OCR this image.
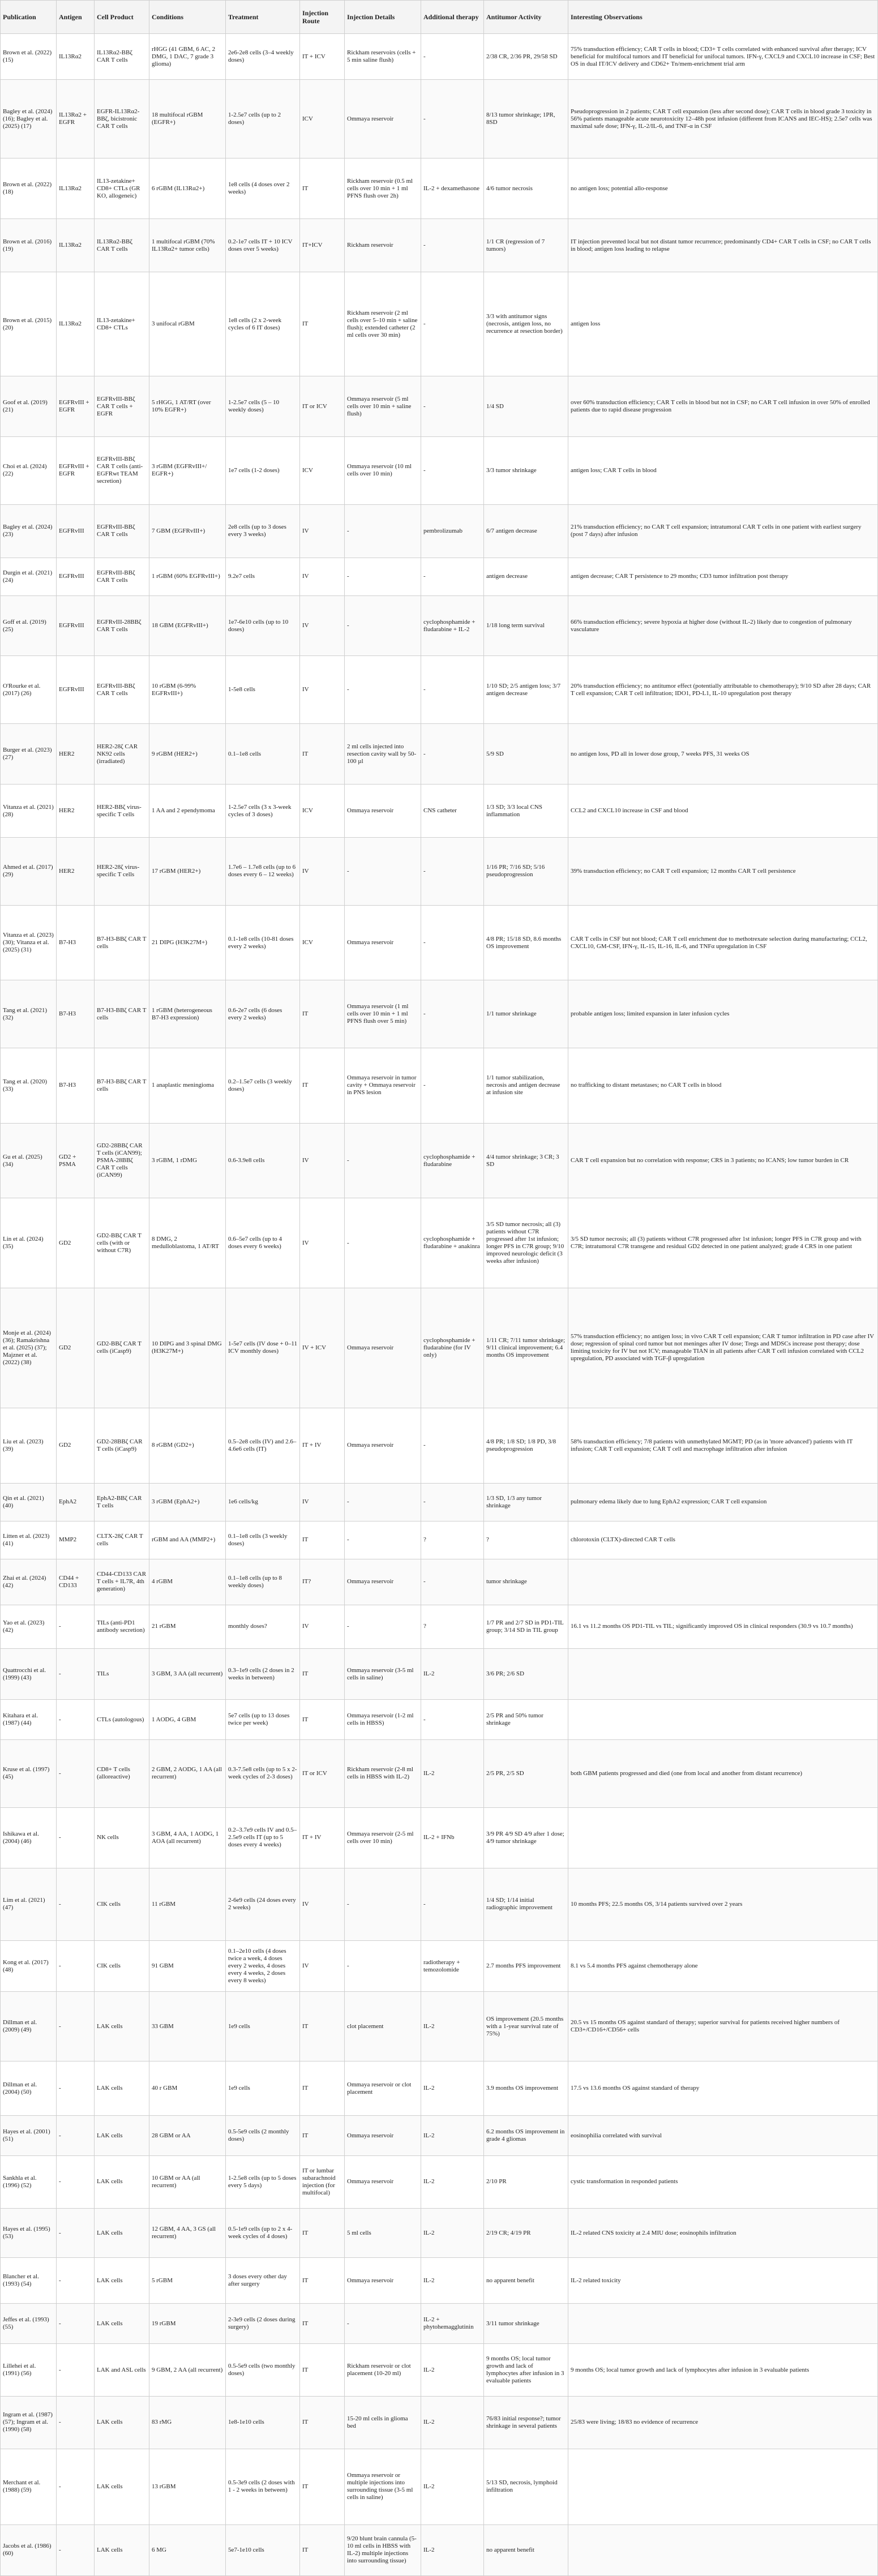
Publication	Antigen	Cell Product	Conditions	Treatment	Injection Route	Injection Details	Additional therapy	Antitumor Activity	Interesting Observations
Brown et al. (2022) (15)	IL13Rα2	IL13Rα2-BBζ CAR T cells	rHGG (41 GBM, 6 AC, 2 DMG, 1 DAC, 7 grade 3 glioma)	2e6-2e8 cells (3–4 weekly doses)	IT + ICV	Rickham reservoirs (cells + 5 min saline flush)	-	2/38 CR, 2/36 PR, 29/58 SD	75% transduction efficiency; CAR T cells in blood; CD3+ T cells correlated with enhanced survival after therapy; ICV beneficial for multifocal tumors and IT beneficial for unifocal tumors. IFN-γ, CXCL9 and CXCL10 increase in CSF; Best OS in dual IT/ICV delivery and CD62+ Tn/mem-enrichment trial arm
Bagley et al. (2024) (16); Bagley et al. (2025) (17)	IL13Rα2 + EGFR	EGFR-IL13Rα2-BBζ, bicistronic CAR T cells	18 multifocal rGBM (EGFR+)	1-2.5e7 cells (up to 2 doses)	ICV	Ommaya reservoir	-	8/13 tumor shrinkage; 1PR, 8SD	Pseudoprogression in 2 patients; CAR T cell expansion (less after second dose); CAR T cells in blood grade 3 toxicity in 56% patients manageable acute neurotoxicity 12–48h post infusion (different from ICANS and IEC-HS); 2.5e7 cells was maximal safe dose; IFN-γ, IL-2/IL-6, and TNF-α in CSF
Brown et al. (2022) (18)	IL13Rα2	IL13-zetakine+ CD8+ CTLs (GR KO, allogeneic)	6 rGBM (IL13Rα2+)	1e8 cells (4 doses over 2 weeks)	IT	Rickham reservoir (0.5 ml cells over 10 min + 1 ml PFNS flush over 2h)	IL-2 + dexamethasone	4/6 tumor necrosis	no antigen loss; potential allo-response
Brown et al. (2016) (19)	IL13Rα2	IL13Rα2-BBζ CAR T cells	1 multifocal rGBM (70% IL13Rα2+ tumor cells)	0.2-1e7 cells IT + 10 ICV doses over 5 weeks)	IT+ICV	Rickham reservoir	-	1/1 CR (regression of 7 tumors)	IT injection prevented local but not distant tumor recurrence; predominantly CD4+ CAR T cells in CSF; no CAR T cells in blood; antigen loss leading to relapse
Brown et al. (2015) (20)	IL13Rα2	IL13-zetakine+ CD8+ CTLs	3 unifocal rGBM	1e8 cells (2 x 2-week cycles of 6 IT doses)	IT	Rickham reservoir (2 ml cells over 5–10 min + saline flush); extended catheter (2 ml cells over 30 min)	-	3/3 with antitumor signs (necrosis, antigen loss, no recurrence at resection border)	antigen loss
Goof et al. (2019) (21)	EGFRvIII + EGFR	EGFRvIII-BBζ CAR T cells + EGFR	5 rHGG, 1 AT/RT (over 10% EGFR+)	1-2.5e7 cells (5 – 10 weekly doses)	IT or ICV	Ommaya reservoir (5 ml cells over 10 min + saline flush)	-	1/4 SD	over 60% transduction efficiency; CAR T cells in blood but not in CSF; no CAR T cell infusion in over 50% of enrolled patients due to rapid disease progression
Choi et al. (2024) (22)	EGFRvIII + EGFR	EGFRvIII-BBζ CAR T cells (anti-EGFRwt TEAM secretion)	3 rGBM (EGFRvIII+/ EGFR+)	1e7 cells (1-2 doses)	ICV	Ommaya reservoir (10 ml cells over 10 min)	-	3/3 tumor shrinkage	antigen loss; CAR T cells in blood
Bagley et al. (2024) (23)	EGFRvIII	EGFRvIII-BBζ CAR T cells	7 GBM (EGFRvIII+)	2e8 cells (up to 3 doses every 3 weeks)	IV	-	pembrolizumab	6/7 antigen decrease	21% transduction efficiency; no CAR T cell expansion; intratumoral CAR T cells in one patient with earliest surgery (post 7 days) after infusion
Durgin et al. (2021) (24)	EGFRvIII	EGFRvIII-BBζ CAR T cells	1 rGBM (60% EGFRvIII+)	9.2e7 cells	IV	-	-	antigen decrease	antigen decrease; CAR T persistence to 29 months; CD3 tumor infiltration post therapy
Goff et al. (2019) (25)	EGFRvIII	EGFRvIII-28BBζ CAR T cells	18 GBM (EGFRvIII+)	1e7-6e10 cells (up to 10 doses)	IV	-	cyclophosphamide + fludarabine + IL-2	1/18 long term survival	66% transduction efficiency; severe hypoxia at higher dose (without IL-2) likely due to congestion of pulmonary vasculature
O'Rourke et al. (2017) (26)	EGFRvIII	EGFRvIII-BBζ CAR T cells	10 rGBM (6-99% EGFRvIII+)	1-5e8 cells	IV	-	-	1/10 SD; 2/5 antigen loss; 3/7 antigen decrease	20% transduction efficiency; no antitumor effect (potentially attributable to chemotherapy); 9/10 SD after 28 days; CAR T cell expansion; CAR T cell infiltration; IDO1, PD-L1, IL-10 upregulation post therapy
Burger et al. (2023) (27)	HER2	HER2-28ζ CAR NK92 cells (irradiated)	9 rGBM (HER2+)	0.1–1e8 cells	IT	2 ml cells injected into resection cavity wall by 50-100 µl	-	5/9 SD	no antigen loss, PD all in lower dose group, 7 weeks PFS, 31 weeks OS
Vitanza et al. (2021) (28)	HER2	HER2-BBζ virus-specific T cells	1 AA and 2 ependymoma	1-2.5e7 cells (3 x 3-week cycles of 3 doses)	ICV	Ommaya reservoir	CNS catheter	1/3 SD; 3/3 local CNS inflammation	CCL2 and CXCL10 increase in CSF and blood
Ahmed et al. (2017) (29)	HER2	HER2-28ζ virus-specific T cells	17 rGBM (HER2+)	1.7e6 – 1.7e8 cells (up to 6 doses every 6 – 12 weeks)	IV	-	-	1/16 PR; 7/16 SD; 5/16 pseudoprogression	39% transduction efficiency; no CAR T cell expansion; 12 months CAR T cell persistence
Vitanza et al. (2023) (30); Vitanza et al. (2025) (31)	B7-H3	B7-H3-BBζ CAR T cells	21 DIPG (H3K27M+)	0.1-1e8 cells (10-81 doses every 2 weeks)	ICV	Ommaya reservoir	-	4/8 PR; 15/18 SD, 8.6 months OS improvement	CAR T cells in CSF but not blood; CAR T cell enrichment due to methotrexate selection during manufacturing; CCL2, CXCL10, GM-CSF, IFN-γ, IL-15, IL-16, IL-6, and TNFα upregulation in CSF
Tang et al. (2021) (32)	B7-H3	B7-H3-BBζ CAR T cells	1 rGBM (heterogeneous B7-H3 expression)	0.6-2e7 cells (6 doses every 2 weeks)	IT	Ommaya reservoir (1 ml cells over 10 min + 1 ml PFNS flush over 5 min)	-	1/1 tumor shrinkage	probable antigen loss; limited expansion in later infusion cycles
Tang et al. (2020) (33)	B7-H3	B7-H3-BBζ CAR T cells	1 anaplastic meningioma	0.2–1.5e7 cells (3 weekly doses)	IT	Ommaya reservoir in tumor cavity + Ommaya reservoir in PNS lesion	-	1/1 tumor stabilization, necrosis and antigen decrease at infusion site	no trafficking to distant metastases; no CAR T cells in blood
Gu et al. (2025) (34)	GD2 + PSMA	GD2-28BBζ CAR T cells (iCAN99); PSMA-28BBζ CAR T cells (iCAN99)	3 rGBM, 1 rDMG	0.6-3.9e8 cells	IV	-	cyclophosphamide + fludarabine	4/4 tumor shrinkage; 3 CR; 3 SD	CAR T cell expansion but no correlation with response; CRS in 3 patients; no ICANS; low tumor burden in CR
Lin et al. (2024) (35)	GD2	GD2-BBζ CAR T cells (with or without C7R)	8 DMG, 2 medulloblastoma, 1 AT/RT	0.6–5e7 cells (up to 4 doses every 6 weeks)	IV	-	cyclophosphamide + fludarabine + anakinra	3/5 SD tumor necrosis; all (3) patients without C7R progressed after 1st infusion; longer PFS in C7R group; 9/10 improved neurologic deficit (3 weeks after infusion)	3/5 SD tumor necrosis; all (3) patients without C7R progressed after 1st infusion; longer PFS in C7R group and with C7R; intratumoral C7R transgene and residual GD2 detected in one patient analyzed; grade 4 CRS in one patient
Monje et al. (2024) (36); Ramakrishna et al. (2025) (37); Majzner et al. (2022) (38)	GD2	GD2-BBζ CAR T cells (iCasp9)	10 DIPG and 3 spinal DMG (H3K27M+)	1-5e7 cells (IV dose + 0–11 ICV monthly doses)	IV + ICV	Ommaya reservoir	cyclophosphamide + fludarabine (for IV only)	1/11 CR; 7/11 tumor shrinkage; 9/11 clinical improvement; 6.4 months OS improvement	57% transduction efficiency; no antigen loss; in vivo CAR T cell expansion; CAR T tumor infiltration in PD case after IV dose; regression of spinal cord tumor but not meninges after IV dose; Tregs and MDSCs increase post therapy; dose limiting toxicity for IV but not ICV; manageable TIAN in all patients after CAR T cell infusion correlated with CCL2 upregulation, PD associated with TGF-β upregulation
Liu et al. (2023) (39)	GD2	GD2-28BBζ CAR T cells (iCasp9)	8 rGBM (GD2+)	0.5–2e8 cells (IV) and 2.6–4.6e6 cells (IT)	IT + IV	Ommaya reservoir	-	4/8 PR; 1/8 SD; 1/8 PD, 3/8 pseudoprogression	58% transduction efficiency; 7/8 patients with unmethylated MGMT; PD (as in 'more advanced') patients with IT infusion; CAR T cell expansion; CAR T cell and macrophage infiltration after infusion
Qin et al. (2021) (40)	EphA2	EphA2-BBζ CAR T cells	3 rGBM (EphA2+)	1e6 cells/kg	IV	-	-	1/3 SD, 1/3 any tumor shrinkage	pulmonary edema likely due to lung EphA2 expression; CAR T cell expansion
Litten et al. (2023) (41)	MMP2	CLTX-28ζ CAR T cells	rGBM and AA (MMP2+)	0.1–1e8 cells (3 weekly doses)	IT	-	?	?	chlorotoxin (CLTX)-directed CAR T cells
Zhai et al. (2024) (42)	CD44 + CD133	CD44-CD133 CAR T cells + IL7R, 4th generation)	4 rGBM	0.1–1e8 cells (up to 8 weekly doses)	IT?	Ommaya reservoir	-	tumor shrinkage	
Yao et al. (2023) (42)	-	TILs (anti-PD1 antibody secretion)	21 rGBM	monthly doses?	IV	-	?	1/7 PR and 2/7 SD in PD1-TIL group; 3/14 SD in TIL group	16.1 vs 11.2 months OS PD1-TIL vs TIL; significantly improved OS in clinical responders (30.9 vs 10.7 months)
Quattrocchi et al. (1999) (43)	-	TILs	3 GBM, 3 AA (all recurrent)	0.3–1e9 cells (2 doses in 2 weeks in between)	IT	Ommaya reservoir (3-5 ml cells in saline)	IL-2	3/6 PR; 2/6 SD	
Kitahara et al. (1987) (44)	-	CTLs (autologous)	1 AODG, 4 GBM	5e7 cells (up to 13 doses twice per week)	IT	Ommaya reservoir (1-2 ml cells in HBSS)	-	2/5 PR and 50% tumor shrinkage	
Kruse et al. (1997) (45)	-	CD8+ T cells (alloreactive)	2 GBM, 2 AODG, 1 AA (all recurrent)	0.3-7.5e8 cells (up to 5 x 2-week cycles of 2-3 doses)	IT or ICV	Rickham reservoir (2-8 ml cells in HBSS with IL-2)	IL-2	2/5 PR, 2/5 SD	both GBM patients progressed and died (one from local and another from distant recurrence)
Ishikawa et al. (2004) (46)	-	NK cells	3 GBM, 4 AA, 1 AODG, 1 AOA (all recurrent)	0.2–3.7e9 cells IV and 0.5–2.5e9 cells IT (up to 5 doses every 4 weeks)	IT + IV	Ommaya reservoir (2-5 ml cells over 10 min)	IL-2 + IFNb	3/9 PR 4/9 SD 4/9 after 1 dose; 4/9 tumor shrinkage	
Lim et al. (2021) (47)	-	CIK cells	11 rGBM	2-6e9 cells (24 doses every 2 weeks)	IV	-	-	1/4 SD; 1/14 initial radiographic improvement	10 months PFS; 22.5 months OS, 3/14 patients survived over 2 years
Kong et al. (2017) (48)	-	CIK cells	91 GBM	0.1–2e10 cells (4 doses twice a week, 4 doses every 2 weeks, 4 doses every 4 weeks, 2 doses every 8 weeks)	IV	-	radiotherapy + temozolomide	2.7 months PFS improvement	8.1 vs 5.4 months PFS against chemotherapy alone
Dillman et al. (2009) (49)	-	LAK cells	33 GBM	1e9 cells	IT	clot placement	IL-2	OS improvement (20.5 months with a 1-year survival rate of 75%)	20.5 vs 15 months OS against standard of therapy; superior survival for patients received higher numbers of CD3+/CD16+/CD56+ cells
Dillman et al. (2004) (50)	-	LAK cells	40 r GBM	1e9 cells	IT	Ommaya reservoir or clot placement	IL-2	3.9 months OS improvement	17.5 vs 13.6 months OS against standard of therapy
Hayes et al. (2001) (51)	-	LAK cells	28 GBM or AA	0.5-5e9 cells (2 monthly doses)	IT	Ommaya reservoir	IL-2	6.2 months OS improvement in grade 4 gliomas	eosinophilia correlated with survival
Sankhla et al. (1996) (52)	-	LAK cells	10 GBM or AA (all recurrent)	1-2.5e8 cells (up to 5 doses every 5 days)	IT or lumbar subarachnoid injection (for multifocal)	Ommaya reservoir	IL-2	2/10 PR	cystic transformation in responded patients
Hayes et al. (1995) (53)	-	LAK cells	12 GBM, 4 AA, 3 GS (all recurrent)	0.5-1e9 cells (up to 2 x 4-week cycles of 4 doses)	IT	5 ml cells	IL-2	2/19 CR; 4/19 PR	IL-2 related CNS toxicity at 2.4 MIU dose; eosinophils infiltration
Blancher et al. (1993) (54)	-	LAK cells	5 rGBM	3 doses every other day after surgery	IT	Ommaya reservoir	IL-2	no apparent benefit	IL-2 related toxicity
Jeffes et al. (1993) (55)	-	LAK cells	19 rGBM	2-3e9 cells (2 doses during surgery)	IT	-	IL-2 + phytohemagglutinin	3/11 tumor shrinkage	
Lillehei et al. (1991) (56)	-	LAK and ASL cells	9 GBM, 2 AA (all recurrent)	0.5-5e9 cells (two monthly doses)	IT	Rickham reservoir or clot placement (10-20 ml)	IL-2	9 months OS; local tumor growth and lack of lymphocytes after infusion in 3 evaluable patients	9 months OS; local tumor growth and lack of lymphocytes after infusion in 3 evaluable patients
Ingram et al. (1987) (57); Ingram et al. (1990) (58)	-	LAK cells	83 rMG	1e8-1e10 cells	IT	15-20 ml cells in glioma bed	IL-2	76/83 initial response?; tumor shrinkage in several patients	25/83 were living; 18/83 no evidence of recurrence
Merchant et al. (1988) (59)	-	LAK cells	13 rGBM	0.5-3e9 cells (2 doses with 1 - 2 weeks in between)	IT	Ommaya reservoir or multiple injections into surrounding tissue (3-5 ml cells in saline)	IL-2	5/13 SD, necrosis, lymphoid infiltration	
Jacobs et al. (1986) (60)	-	LAK cells	6 MG	5e7-1e10 cells	IT	9/20 blunt brain cannula (5-10 ml cells in HBSS with IL-2) multiple injections into surrounding tissue)	IL-2	no apparent benefit	
